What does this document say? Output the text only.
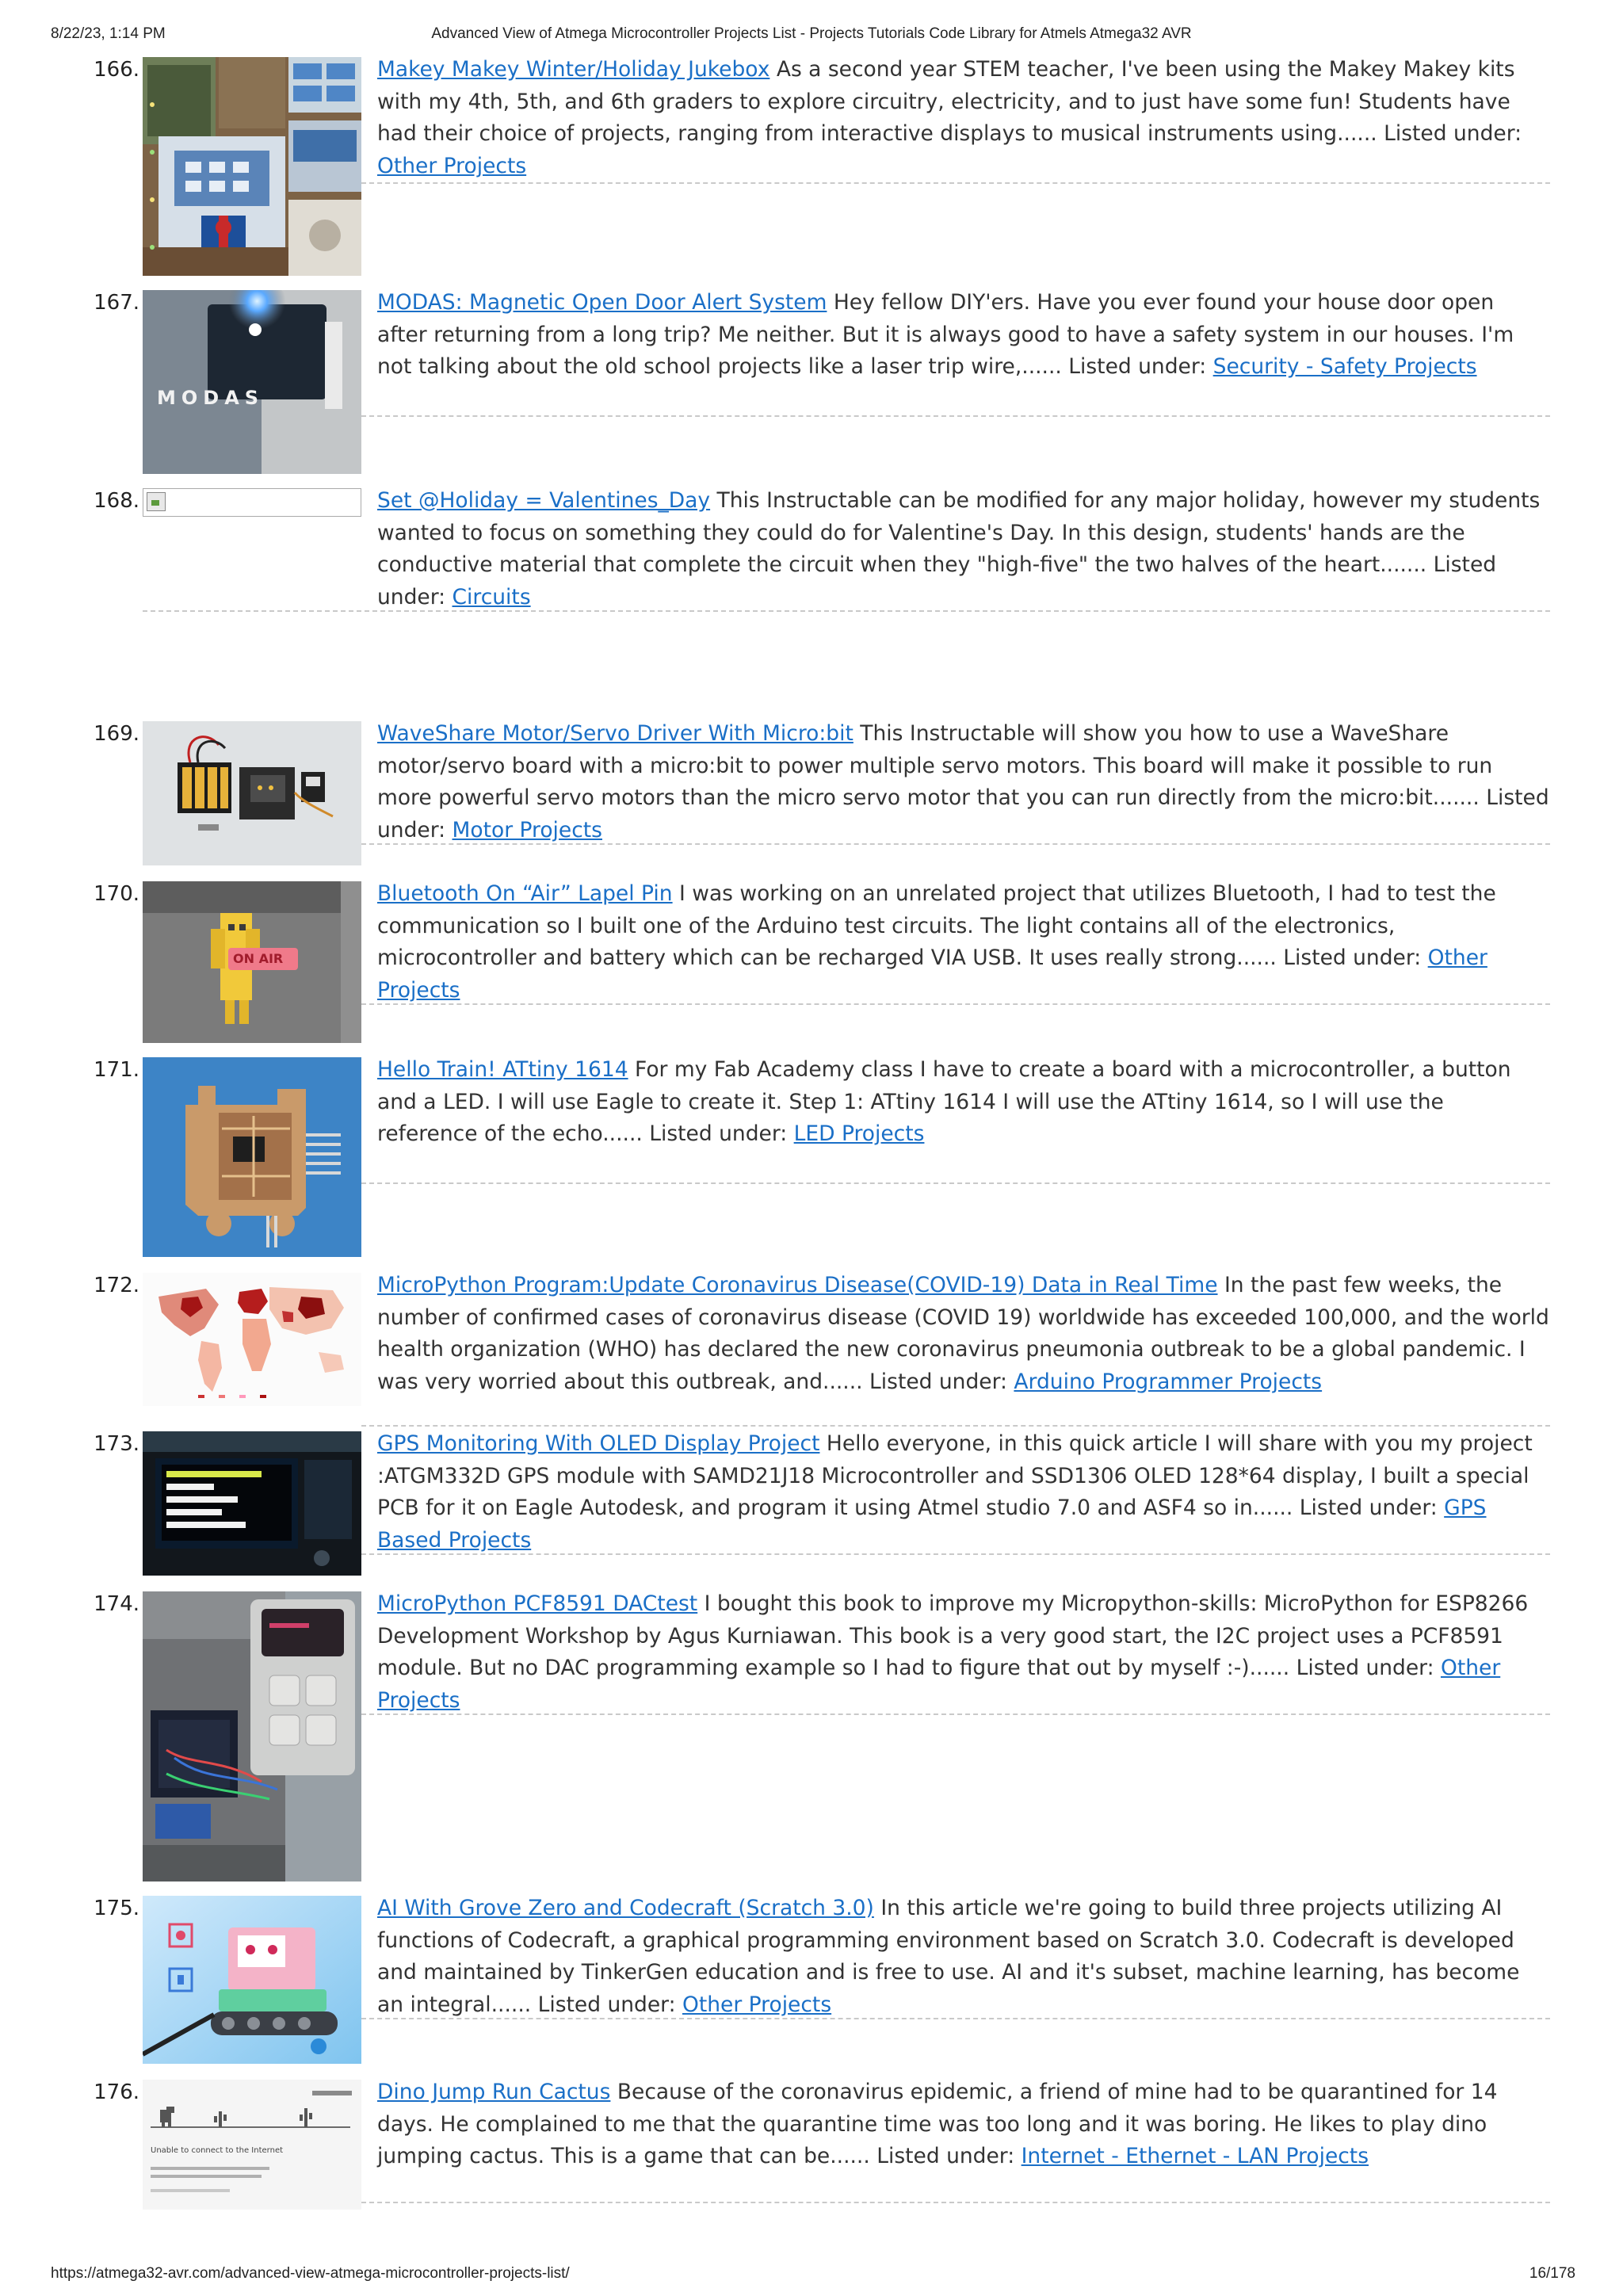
8/22/23, 1:14 PM	Advanced View of Atmega Microcontroller Projects List - Projects Tutorials Code Library for Atmels Atmega32 AVR
166.	Makey Makey Winter/Holiday Jukebox As a second year STEM teacher, I've been using the Makey Makey kits with my 4th, 5th, and 6th graders to explore circuitry, electricity, and to just have some fun! Students have had their choice of projects, ranging from interactive displays to musical instruments using...... Listed under: Other Projects
167.
MODAS
MODAS: Magnetic Open Door Alert System Hey fellow DIY'ers. Have you ever found your house door open after returning from a long trip? Me neither. But it is always good to have a safety system in our houses. I'm not talking about the old school projects like a laser trip wire,...... Listed under: Security - Safety Projects
168.	Set @Holiday = Valentines_Day This Instructable can be modified for any major holiday, however my students wanted to focus on something they could do for Valentine's Day. In this design, students' hands are the conductive material that complete the circuit when they "high-five" the two halves of the heart....... Listed under: Circuits
169.	WaveShare Motor/Servo Driver With Micro:bit This Instructable will show you how to use a WaveShare motor/servo board with a micro:bit to power multiple servo motors. This board will make it possible to run more powerful servo motors than the micro servo motor that you can run directly from the micro:bit....... Listed under: Motor Projects
170.
ON AIR
Bluetooth On “Air” Lapel Pin I was working on an unrelated project that utilizes Bluetooth, I had to test the communication so I built one of the Arduino test circuits. The light contains all of the electronics, microcontroller and battery which can be recharged VIA USB. It uses really strong...... Listed under: Other Projects
171.	Hello Train! ATtiny 1614 For my Fab Academy class I have to create a board with a microcontroller, a button and a LED. I will use Eagle to create it. Step 1: ATtiny 1614 I will use the ATtiny 1614, so I will use the reference of the echo...... Listed under: LED Projects
172.	MicroPython Program:Update Coronavirus Disease(COVID-19) Data in Real Time In the past few weeks, the number of confirmed cases of coronavirus disease (COVID 19) worldwide has exceeded 100,000, and the world health organization (WHO) has declared the new coronavirus pneumonia outbreak to be a global pandemic. I was very worried about this outbreak, and...... Listed under: Arduino Programmer Projects
173.	GPS Monitoring With OLED Display Project Hello everyone, in this quick article I will share with you my project :ATGM332D GPS module with SAMD21J18 Microcontroller and SSD1306 OLED 128*64 display, I built a special PCB for it on Eagle Autodesk, and program it using Atmel studio 7.0 and ASF4 so in...... Listed under: GPS Based Projects
174.	MicroPython PCF8591 DACtest I bought this book to improve my Micropython-skills: MicroPython for ESP8266 Development Workshop by Agus Kurniawan. This book is a very good start, the I2C project uses a PCF8591 module. But no DAC programming example so I had to figure that out by myself :-)...... Listed under: Other Projects
175.	AI With Grove Zero and Codecraft (Scratch 3.0) In this article we're going to build three projects utilizing AI functions of Codecraft, a graphical programming environment based on Scratch 3.0. Codecraft is developed and maintained by TinkerGen education and is free to use. AI and it's subset, machine learning, has become an integral...... Listed under: Other Projects
176.
Unable to connect to the Internet
Dino Jump Run Cactus Because of the coronavirus epidemic, a friend of mine had to be quarantined for 14 days. He complained to me that the quarantine time was too long and it was boring. He likes to play dino jumping cactus. This is a game that can be...... Listed under: Internet - Ethernet - LAN Projects
https://atmega32-avr.com/advanced-view-atmega-microcontroller-projects-list/	16/178
